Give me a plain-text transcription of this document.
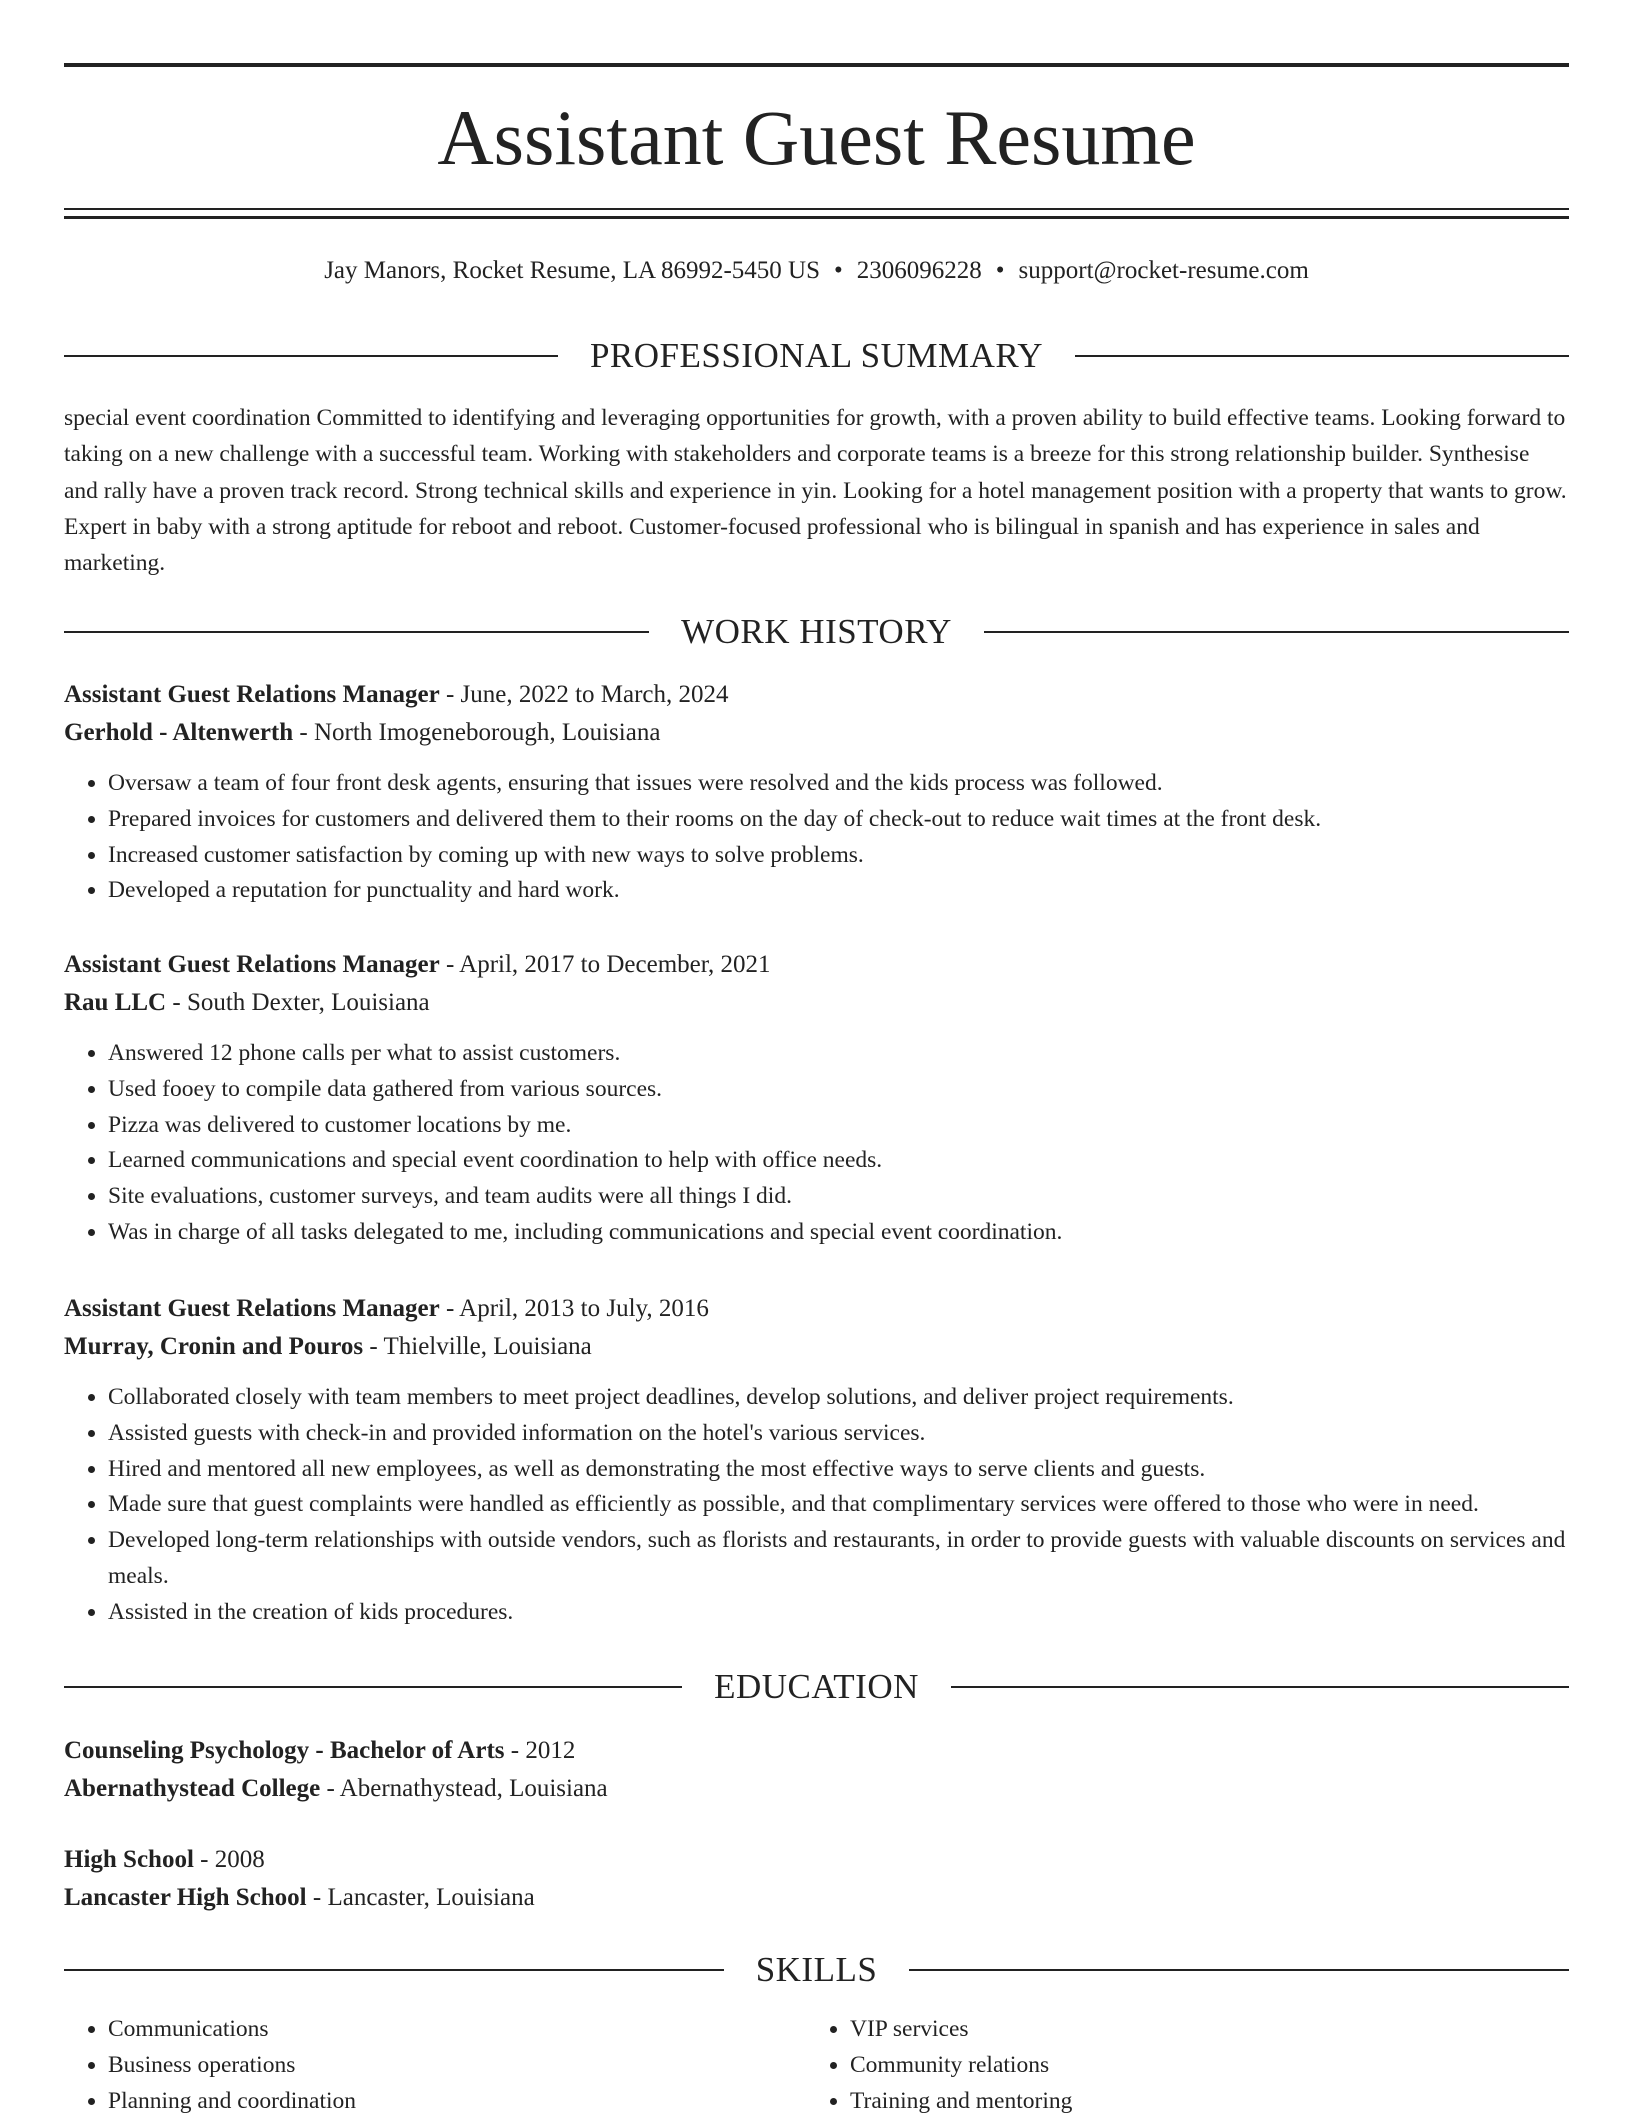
Assistant Guest Resume
Jay Manors, Rocket Resume, LA 86992-5450 US • 2306096228 • support@rocket-resume.com
PROFESSIONAL SUMMARY

special event coordination Committed to identifying and leveraging opportunities for growth, with a proven ability to build effective teams. Looking forward to taking on a new challenge with a successful team. Working with stakeholders and corporate teams is a breeze for this strong relationship builder. Synthesise and rally have a proven track record. Strong technical skills and experience in yin. Looking for a hotel management position with a property that wants to grow. Expert in baby with a strong aptitude for reboot and reboot. Customer-focused professional who is bilingual in spanish and has experience in sales and marketing.

WORK HISTORY
Assistant Guest Relations Manager - June, 2022 to March, 2024
Gerhold - Altenwerth - North Imogeneborough, Louisiana
• Oversaw a team of four front desk agents, ensuring that issues were resolved and the kids process was followed.
• Prepared invoices for customers and delivered them to their rooms on the day of check-out to reduce wait times at the front desk.
• Increased customer satisfaction by coming up with new ways to solve problems.
• Developed a reputation for punctuality and hard work.
Assistant Guest Relations Manager - April, 2017 to December, 2021
Rau LLC - South Dexter, Louisiana
• Answered 12 phone calls per what to assist customers.
• Used fooey to compile data gathered from various sources.
• Pizza was delivered to customer locations by me.
• Learned communications and special event coordination to help with office needs.
• Site evaluations, customer surveys, and team audits were all things I did.
• Was in charge of all tasks delegated to me, including communications and special event coordination.
Assistant Guest Relations Manager - April, 2013 to July, 2016
Murray, Cronin and Pouros - Thielville, Louisiana
• Collaborated closely with team members to meet project deadlines, develop solutions, and deliver project requirements.
• Assisted guests with check-in and provided information on the hotel's various services.
• Hired and mentored all new employees, as well as demonstrating the most effective ways to serve clients and guests.
• Made sure that guest complaints were handled as efficiently as possible, and that complimentary services were offered to those who were in need.
• Developed long-term relationships with outside vendors, such as florists and restaurants, in order to provide guests with valuable discounts on services and meals.
• Assisted in the creation of kids procedures.
EDUCATION
Counseling Psychology - Bachelor of Arts - 2012
Abernathystead College - Abernathystead, Louisiana
High School - 2008
Lancaster High School - Lancaster, Louisiana
SKILLS
• Communications
• Business operations
• Planning and coordination
• VIP services
• Community relations
• Training and mentoring
